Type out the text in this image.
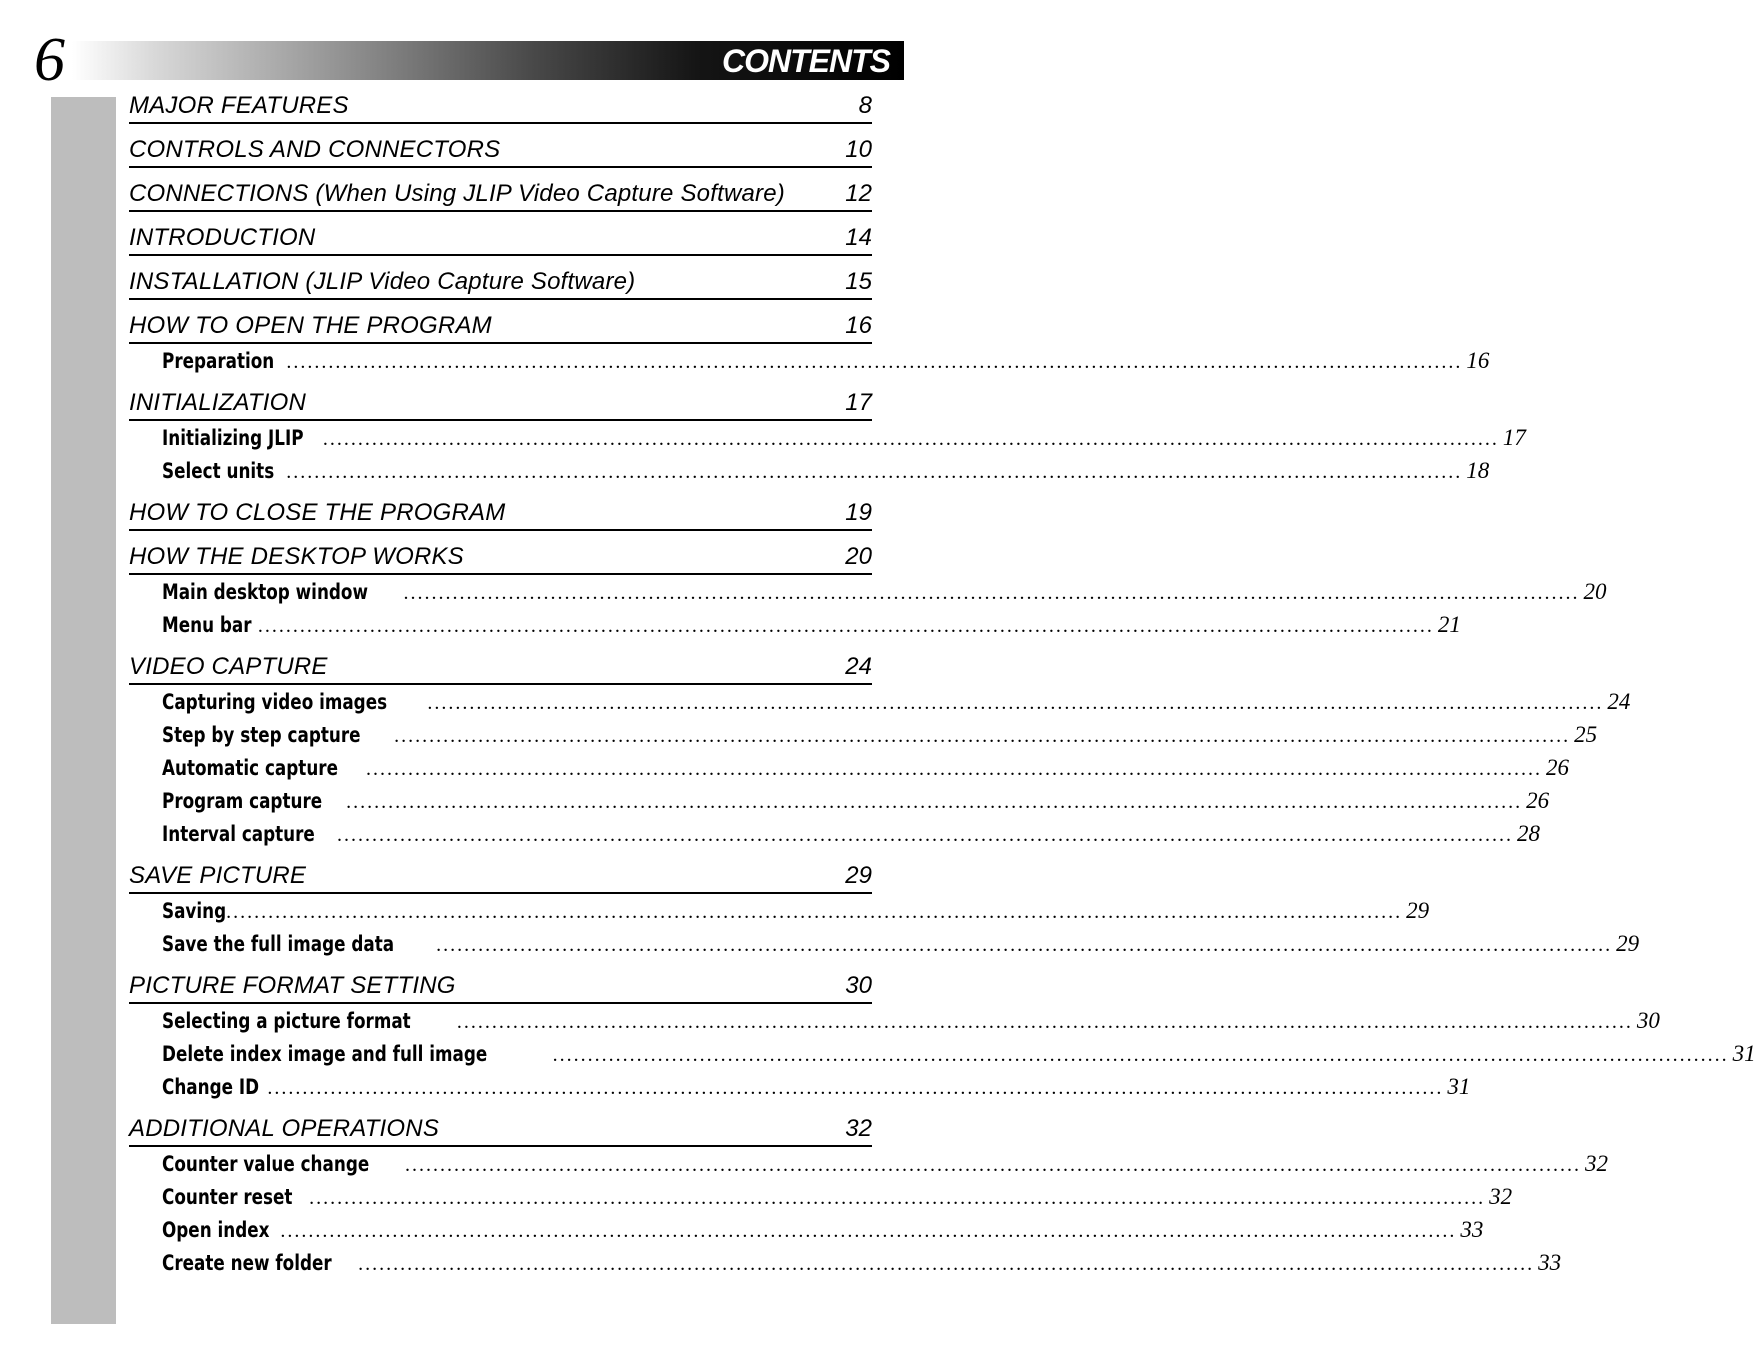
6	CONTENTS
MAJOR FEATURES	8
CONTROLS AND CONNECTORS	10
CONNECTIONS (When Using JLIP Video Capture Software)	12
INTRODUCTION	14
INSTALLATION (JLIP Video Capture Software)	15
HOW TO OPEN THE PROGRAM	16
Preparation ........................................................................................................................................................................ 16
INITIALIZATION	17
Initializing JLIP ........................................................................................................................................................................ 17
Select units ........................................................................................................................................................................ 18
HOW TO CLOSE THE PROGRAM	19
HOW THE DESKTOP WORKS	20
Main desktop window ........................................................................................................................................................................ 20
Menu bar ........................................................................................................................................................................ 21
VIDEO CAPTURE	24
Capturing video images ........................................................................................................................................................................ 24
Step by step capture ........................................................................................................................................................................ 25
Automatic capture ........................................................................................................................................................................ 26
Program capture ........................................................................................................................................................................ 26
Interval capture ........................................................................................................................................................................ 28
SAVE PICTURE	29
Saving ........................................................................................................................................................................ 29
Save the full image data ........................................................................................................................................................................ 29
PICTURE FORMAT SETTING	30
Selecting a picture format ........................................................................................................................................................................ 30
Delete index image and full image	........................................................................................................................................................................ 31
Change ID ........................................................................................................................................................................ 31
ADDITIONAL OPERATIONS	32
Counter value change ........................................................................................................................................................................ 32
Counter reset ........................................................................................................................................................................ 32
Open index ........................................................................................................................................................................ 33
Create new folder ........................................................................................................................................................................ 33
